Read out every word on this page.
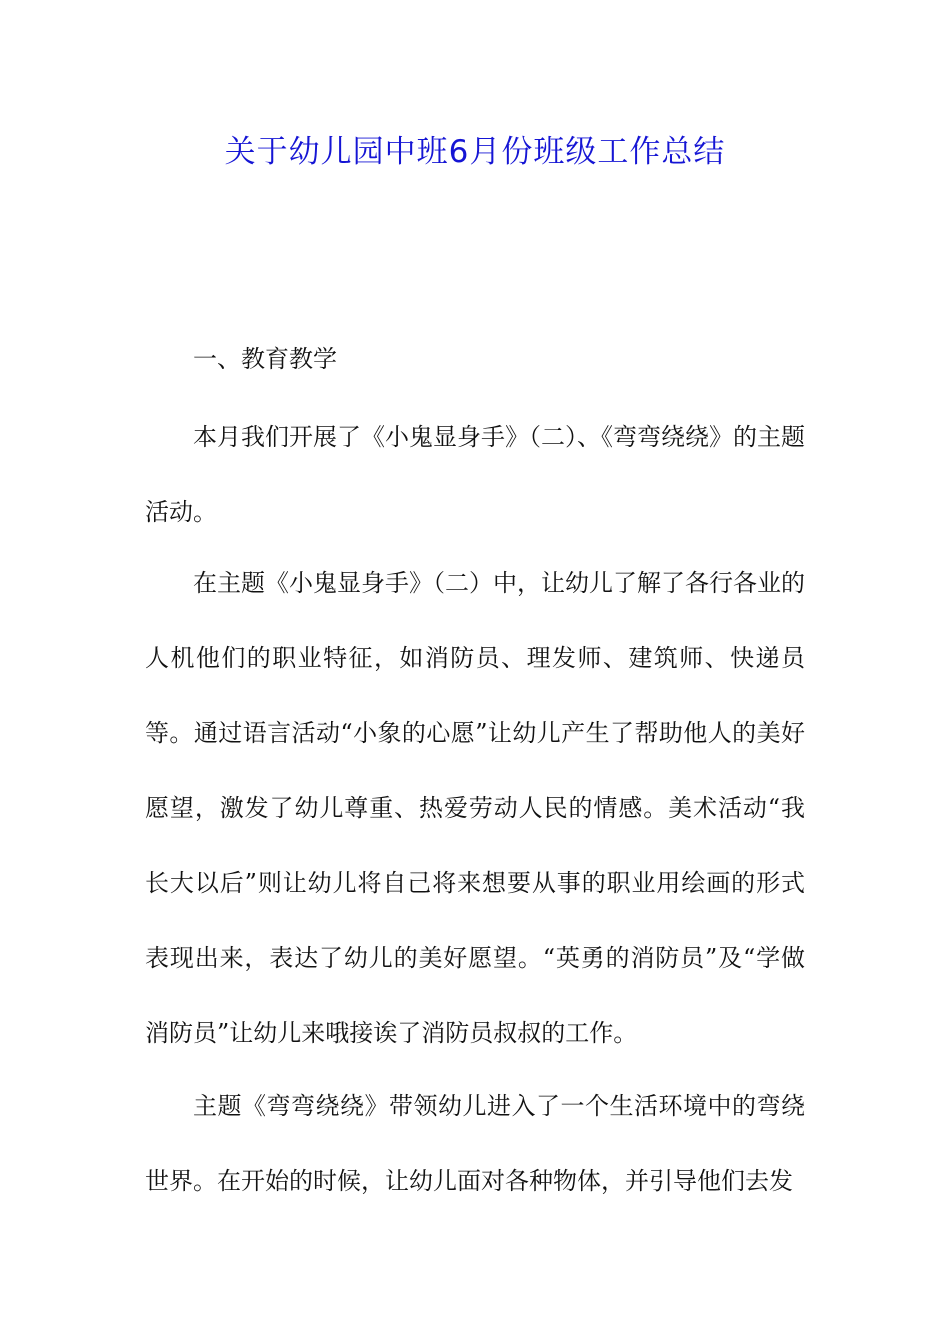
关于幼儿园中班6月份班级工作总结
一、教育教学

本月我们开展了《小鬼显身手》（二）、《弯弯绕绕》的主题活动。

在主题《小鬼显身手》（二）中，让幼儿了解了各行各业的人机他们的职业特征，如消防员、理发师、建筑师、快递员等。通过语言活动“小象的心愿”让幼儿产生了帮助他人的美好愿望，激发了幼儿尊重、热爱劳动人民的情感。美术活动“我长大以后”则让幼儿将自己将来想要从事的职业用绘画的形式表现出来，表达了幼儿的美好愿望。“英勇的消防员”及“学做消防员”让幼儿来哦接诶了消防员叔叔的工作。

主题《弯弯绕绕》带领幼儿进入了一个生活环境中的弯绕世界。在开始的时候，让幼儿面对各种物体，并引导他们去发
